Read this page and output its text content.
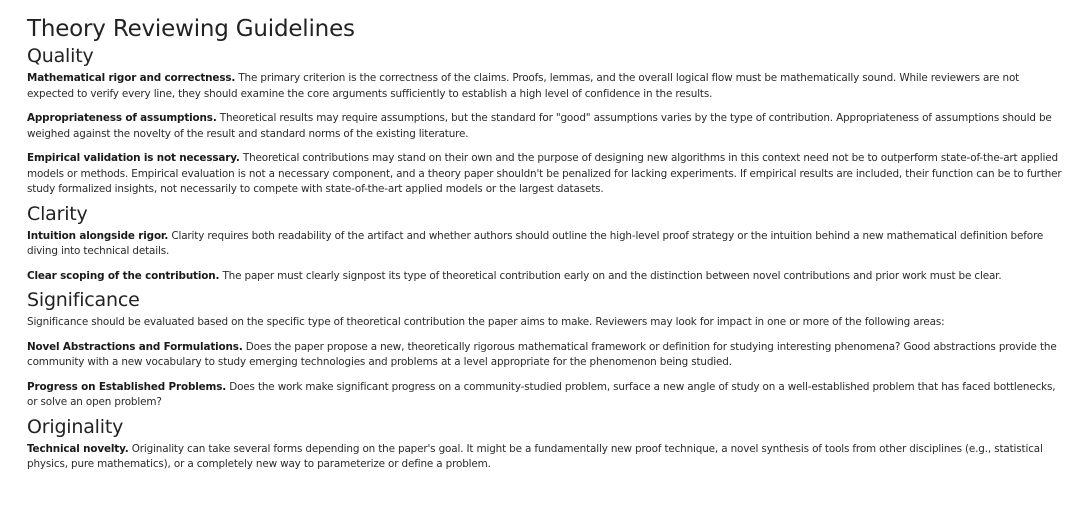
Theory Reviewing Guidelines
Quality

Mathematical rigor and correctness. The primary criterion is the correctness of the claims. Proofs, lemmas, and the overall logical flow must be mathematically sound. While reviewers are not expected to verify every line, they should examine the core arguments sufficiently to establish a high level of confidence in the results.

Appropriateness of assumptions. Theoretical results may require assumptions, but the standard for "good" assumptions varies by the type of contribution. Appropriateness of assumptions should be weighed against the novelty of the result and standard norms of the existing literature.

Empirical validation is not necessary. Theoretical contributions may stand on their own and the purpose of designing new algorithms in this context need not be to outperform state-of-the-art applied models or methods. Empirical evaluation is not a necessary component, and a theory paper shouldn't be penalized for lacking experiments. If empirical results are included, their function can be to further study formalized insights, not necessarily to compete with state-of-the-art applied models or the largest datasets.

Clarity

Intuition alongside rigor. Clarity requires both readability of the artifact and whether authors should outline the high-level proof strategy or the intuition behind a new mathematical definition before diving into technical details.

Clear scoping of the contribution. The paper must clearly signpost its type of theoretical contribution early on and the distinction between novel contributions and prior work must be clear.

Significance

Significance should be evaluated based on the specific type of theoretical contribution the paper aims to make. Reviewers may look for impact in one or more of the following areas:

Novel Abstractions and Formulations. Does the paper propose a new, theoretically rigorous mathematical framework or definition for studying interesting phenomena? Good abstractions provide the community with a new vocabulary to study emerging technologies and problems at a level appropriate for the phenomenon being studied.

Progress on Established Problems. Does the work make significant progress on a community-studied problem, surface a new angle of study on a well-established problem that has faced bottlenecks, or solve an open problem?

Originality

Technical novelty. Originality can take several forms depending on the paper's goal. It might be a fundamentally new proof technique, a novel synthesis of tools from other disciplines (e.g., statistical physics, pure mathematics), or a completely new way to parameterize or define a problem.
